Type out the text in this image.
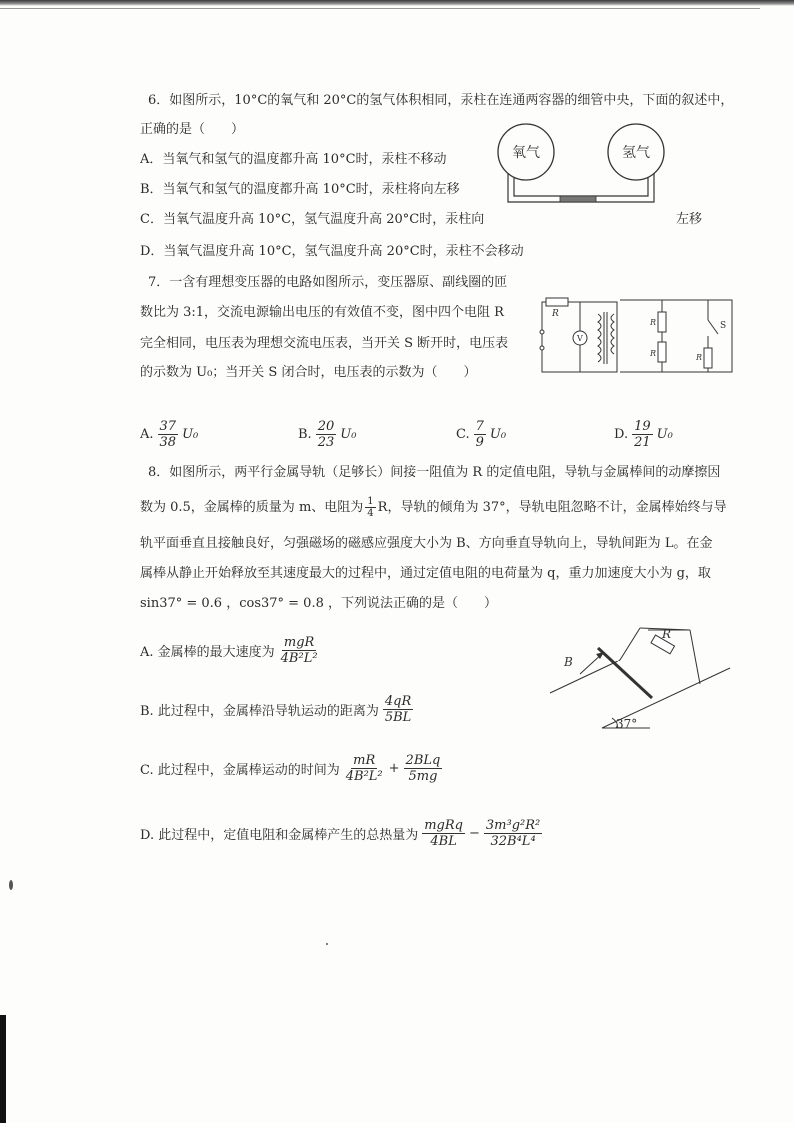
6．如图所示，10°C的氧气和 20°C的氢气体积相同，汞柱在连通两容器的细管中央，下面的叙述中，
正确的是（　　）
A．当氧气和氢气的温度都升高 10°C时，汞柱不移动
B．当氧气和氢气的温度都升高 10°C时，汞柱将向左移
C．当氧气温度升高 10°C，氢气温度升高 20°C时，汞柱向	左移
D．当氧气温度升高 10°C，氢气温度升高 20°C时，汞柱不会移动
氧气	氢气
7．一含有理想变压器的电路如图所示，变压器原、副线圈的匝
数比为 3:1，交流电源输出电压的有效值不变，图中四个电阻 R
完全相同，电压表为理想交流电压表，当开关 S 断开时，电压表
的示数为 U₀；当开关 S 闭合时，电压表的示数为（　　）
R
V
R
R
S
R
A. $\frac{37}{38} U_0$	B. $\frac{20}{23} U_0$	C. $\frac{7}{9} U_0$	D. $\frac{19}{21} U_0$
8．如图所示，两平行金属导轨（足够长）间接一阻值为 R 的定值电阻，导轨与金属棒间的动摩擦因
数为 0.5，金属棒的质量为 m、电阻为 $\frac{1}{4}$ R，导轨的倾角为 37°，导轨电阻忽略不计，金属棒始终与导
轨平面垂直且接触良好，匀强磁场的磁感应强度大小为 B、方向垂直导轨向上，导轨间距为 L。在金
属棒从静止开始释放至其速度最大的过程中，通过定值电阻的电荷量为 q，重力加速度大小为 g，取
sin37° = 0.6 ，cos37° = 0.8 ，下列说法正确的是（　　）
A. 金属棒的最大速度为 $\frac{\text{mgR}}{\text{4B²L²}}$
B. 此过程中，金属棒沿导轨运动的距离为 $\frac{4qR}{5BL}$
C. 此过程中，金属棒运动的时间为 $\frac{mR}{\text{4B²L²}} + \frac{\text{2BLq}}{5mg}$
D. 此过程中，定值电阻和金属棒产生的总热量为 $\frac{\text{mgRq}}{4BL} - \frac{\text{3m³g²R²}}{\text{32B⁴L⁴}}$
R
B
37°
